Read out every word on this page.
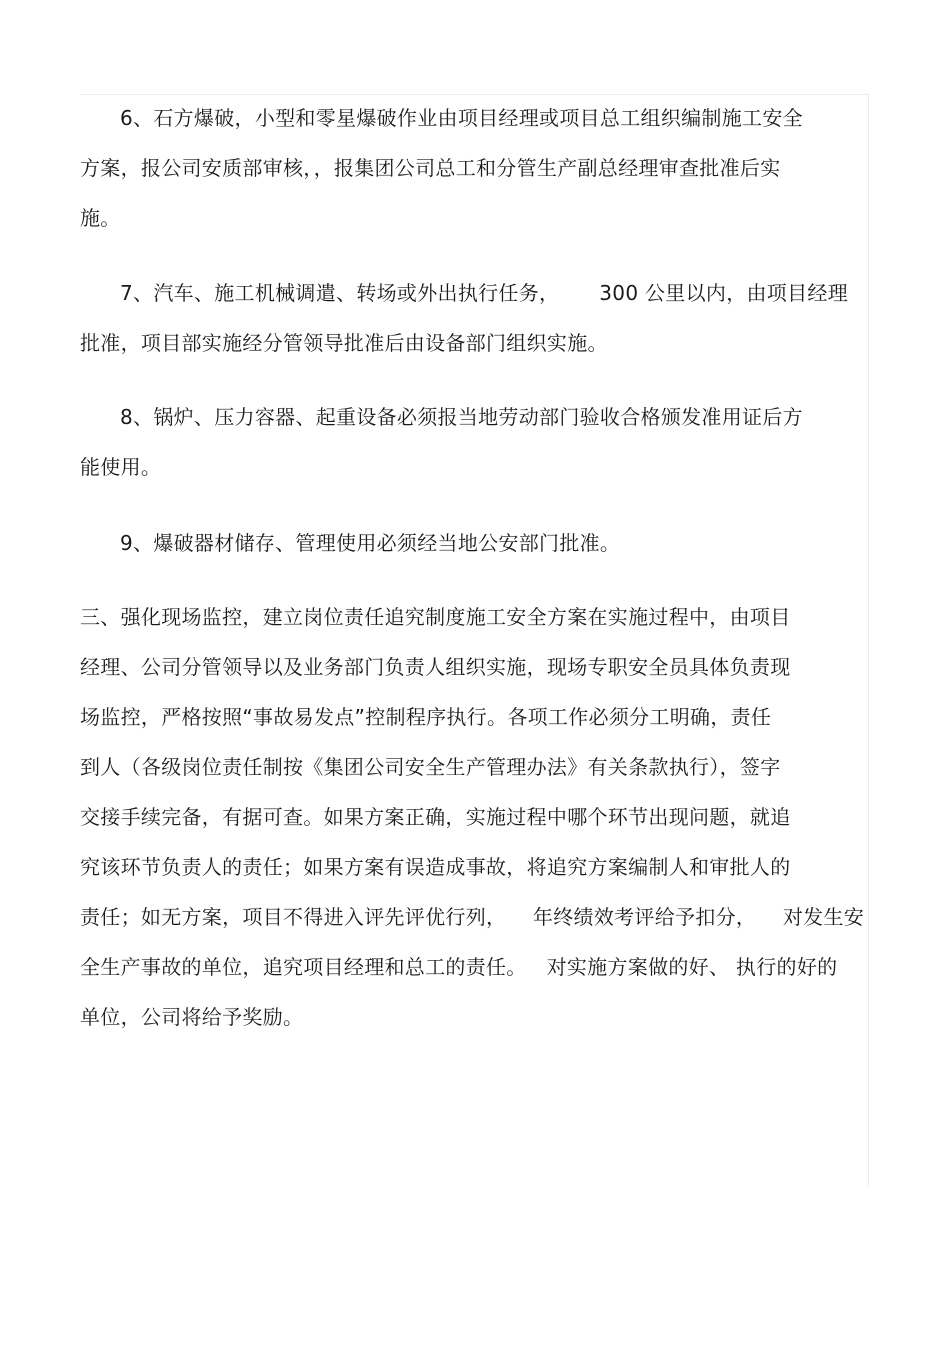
6、石方爆破，小型和零星爆破作业由项目经理或项目总工组织编制施工安全
方案，报公司安质部审核，，报集团公司总工和分管生产副总经理审查批准后实
施。
7、汽车、施工机械调遣、转场或外出执行任务，      300 公里以内，由项目经理
批准，项目部实施经分管领导批准后由设备部门组织实施。
8、锅炉、压力容器、起重设备必须报当地劳动部门验收合格颁发准用证后方
能使用。
9、爆破器材储存、管理使用必须经当地公安部门批准。
三、强化现场监控，建立岗位责任追究制度施工安全方案在实施过程中，由项目
经理、公司分管领导以及业务部门负责人组织实施，现场专职安全员具体负责现
场监控，严格按照“事故易发点”控制程序执行。各项工作必须分工明确，责任
到人（各级岗位责任制按《集团公司安全生产管理办法》有关条款执行），签字
交接手续完备，有据可查。如果方案正确，实施过程中哪个环节出现问题，就追
究该环节负责人的责任；如果方案有误造成事故，将追究方案编制人和审批人的
责任；如无方案，项目不得进入评先评优行列，    年终绩效考评给予扣分，    对发生安
全生产事故的单位，追究项目经理和总工的责任。   对实施方案做的好、 执行的好的
单位，公司将给予奖励。
